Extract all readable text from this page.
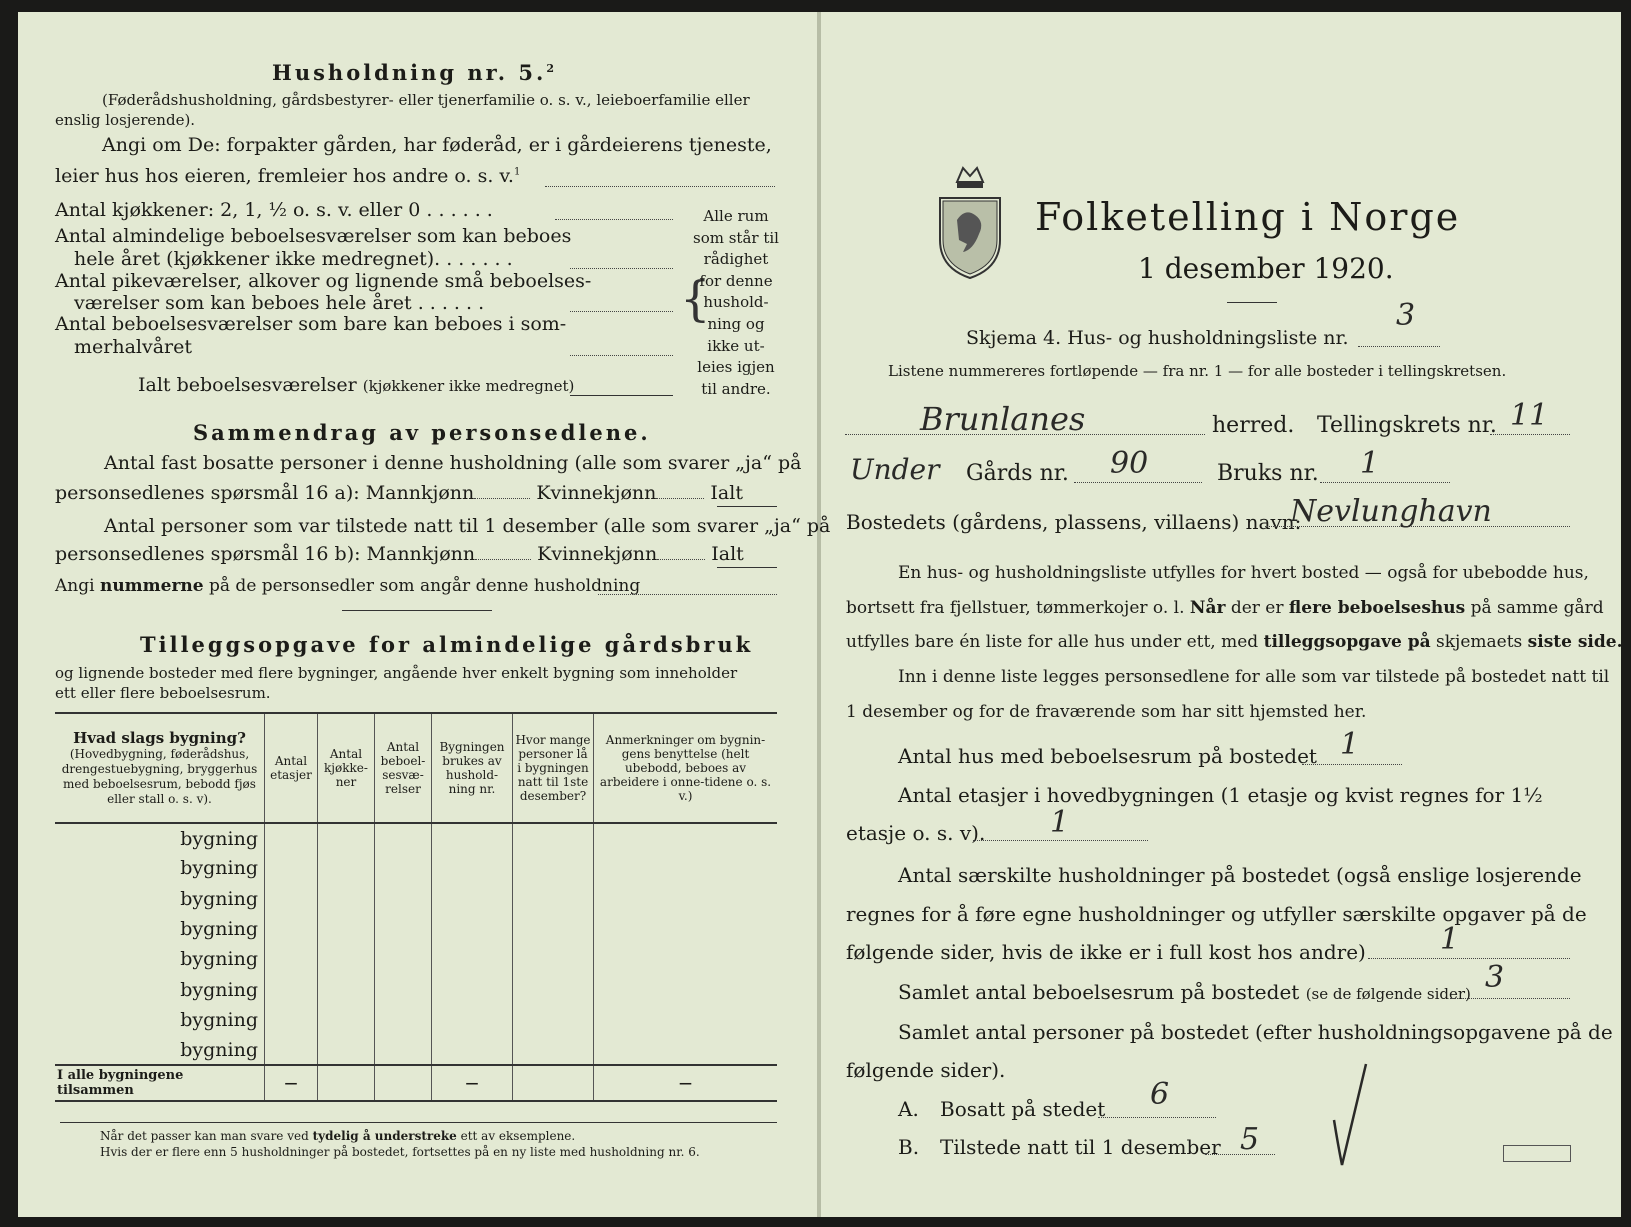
Husholdning nr. 5.$^2$
(Føderådshusholdning, gårdsbestyrer- eller tjenerfamilie o. s. v., leieboerfamilie eller
enslig losjerende).
Angi om De: forpakter gården, har føderåd, er i gårdeierens tjeneste,
leier hus hos eieren, fremleier hos andre o. s. v.$^1$
Antal kjøkkener: 2, 1, ½ o. s. v. eller 0 . . . . . .
Antal almindelige beboelsesværelser som kan beboes
hele året (kjøkkener ikke medregnet). . . . . . .
Antal pikeværelser, alkover og lignende små beboelses-
værelser som kan beboes hele året . . . . . .
Antal beboelsesværelser som bare kan beboes i som-
merhalvåret
Ialt beboelsesværelser (kjøkkener ikke medregnet)
{
Alle rum
som står til
rådighet
for denne
hushold-
ning og
ikke ut-
leies igjen
til andre.
Sammendrag av personsedlene.
Antal fast bosatte personer i denne husholdning (alle som svarer „ja“ på
personsedlenes spørsmål 16 a): Mannkjønn	Kvinnekjønn	Ialt
Antal personer som var tilstede natt til 1 desember (alle som svarer „ja“ på
personsedlenes spørsmål 16 b): Mannkjønn	Kvinnekjønn	Ialt
Angi nummerne på de personsedler som angår denne husholdning
Tilleggsopgave for almindelige gårdsbruk
og lignende bosteder med flere bygninger, angående hver enkelt bygning som inneholder
ett eller flere beboelsesrum.
Hvad slags bygning?
(Hovedbygning, føderådshus, drengestuebygning, bryggerhus med beboelsesrum, bebodd fjøs eller stall o. s. v).	Antal etasjer	Antal kjøkke-ner	Antal beboel-sesvæ-relser	Bygningen brukes av hushold-ning nr.	Hvor mange personer lå i bygningen natt til 1ste desember?	Anmerkninger om bygnin-gens benyttelse (helt ubebodd, beboes av arbeidere i onne-tidene o. s. v.)
bygning						
bygning						
bygning						
bygning						
bygning						
bygning						
bygning						
bygning						
I alle bygningene tilsammen	—			—		—
Når det passer kan man svare ved tydelig å understreke ett av eksemplene.
Hvis der er flere enn 5 husholdninger på bostedet, fortsettes på en ny liste med husholdning nr. 6.
Folketelling i Norge
1 desember 1920.
Skjema 4. Hus- og husholdningsliste nr.
3
Listene nummereres fortløpende — fra nr. 1 — for alle bosteder i tellingskretsen.
Brunlanes	herred. Tellingskrets nr. 11
Under Gårds nr. 90	Bruks nr. 1
Bostedets (gårdens, plassens, villaens) navn:
Nevlunghavn
En hus- og husholdningsliste utfylles for hvert bosted — også for ubebodde hus,
bortsett fra fjellstuer, tømmerkojer o. l. Når der er flere beboelseshus på samme gård
utfylles bare én liste for alle hus under ett, med tilleggsopgave på skjemaets siste side.
Inn i denne liste legges personsedlene for alle som var tilstede på bostedet natt til
1 desember og for de fraværende som har sitt hjemsted her.
Antal hus med beboelsesrum på bostedet 1
Antal etasjer i hovedbygningen (1 etasje og kvist regnes for 1½
etasje o. s. v). 1
Antal særskilte husholdninger på bostedet (også enslige losjerende
regnes for å føre egne husholdninger og utfyller særskilte opgaver på de
følgende sider, hvis de ikke er i full kost hos andre) 1
Samlet antal beboelsesrum på bostedet (se de følgende sider) 3
Samlet antal personer på bostedet (efter husholdningsopgavene på de
følgende sider).
A. Bosatt på stedet 6
B. Tilstede natt til 1 desember 5
